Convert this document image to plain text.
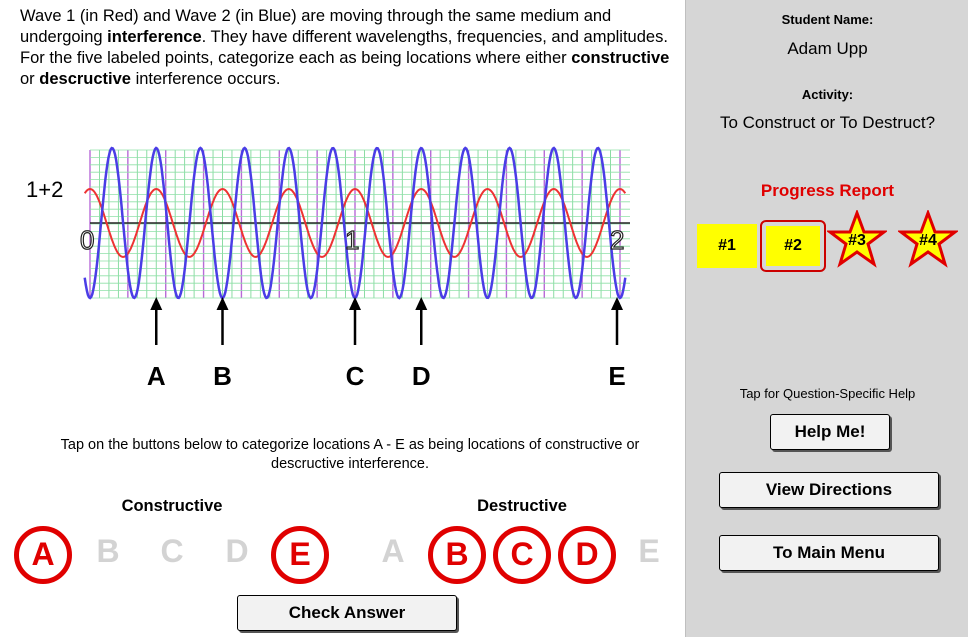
Wave 1 (in Red) and Wave 2 (in Blue) are moving through the same medium and undergoing interference. They have different wavelengths, frequencies, and amplitudes. For the five labeled points, categorize each as being locations where either constructive or descructive interference occurs.
1+2
0	1	2
A B	C D	E
Tap on the buttons below to categorize locations A - E as being locations of constructive or descructive interference.
Constructive	Destructive
A	B	C	D	E	A	B	C	D	E
Check Answer
Student Name:
Adam Upp
Activity:
To Construct or To Destruct?
Progress Report
#1	#2	#3	#4
Tap for Question-Specific Help
Help Me!
View Directions
To Main Menu
